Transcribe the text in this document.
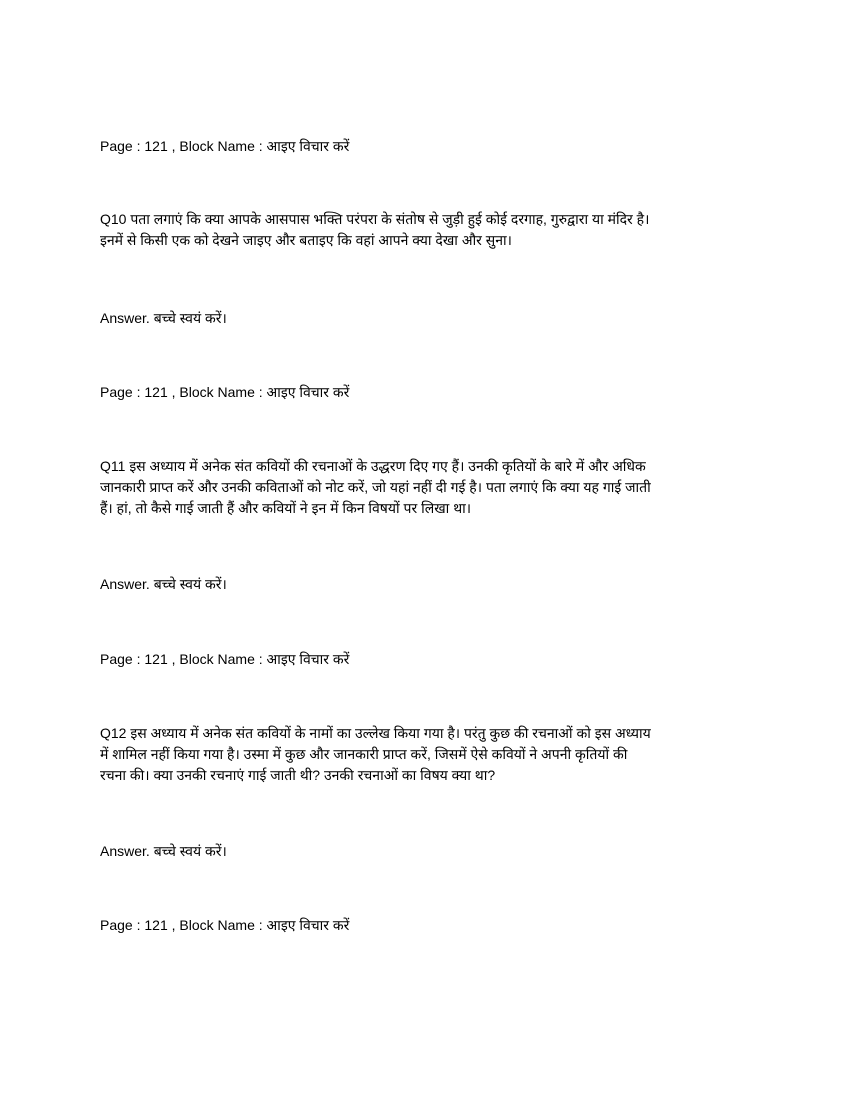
Page : 121 , Block Name : आइए विचार करें
Q10 पता लगाएं कि क्या आपके आसपास भक्ति परंपरा के संतोष से जुड़ी हुई कोई दरगाह, गुरुद्वारा या मंदिर है।
इनमें से किसी एक को देखने जाइए और बताइए कि वहां आपने क्या देखा और सुना।
Answer. बच्चे स्वयं करें।
Page : 121 , Block Name : आइए विचार करें
Q11 इस अध्याय में अनेक संत कवियों की रचनाओं के उद्धरण दिए गए हैं। उनकी कृतियों के बारे में और अधिक
जानकारी प्राप्त करें और उनकी कविताओं को नोट करें, जो यहां नहीं दी गई है। पता लगाएं कि क्या यह गाई जाती
हैं। हां, तो कैसे गाई जाती हैं और कवियों ने इन में किन विषयों पर लिखा था।
Answer. बच्चे स्वयं करें।
Page : 121 , Block Name : आइए विचार करें
Q12 इस अध्याय में अनेक संत कवियों के नामों का उल्लेख किया गया है। परंतु कुछ की रचनाओं को इस अध्याय
में शामिल नहीं किया गया है। उस्मा में कुछ और जानकारी प्राप्त करें, जिसमें ऐसे कवियों ने अपनी कृतियों की
रचना की। क्या उनकी रचनाएं गाई जाती थी? उनकी रचनाओं का विषय क्या था?
Answer. बच्चे स्वयं करें।
Page : 121 , Block Name : आइए विचार करें
